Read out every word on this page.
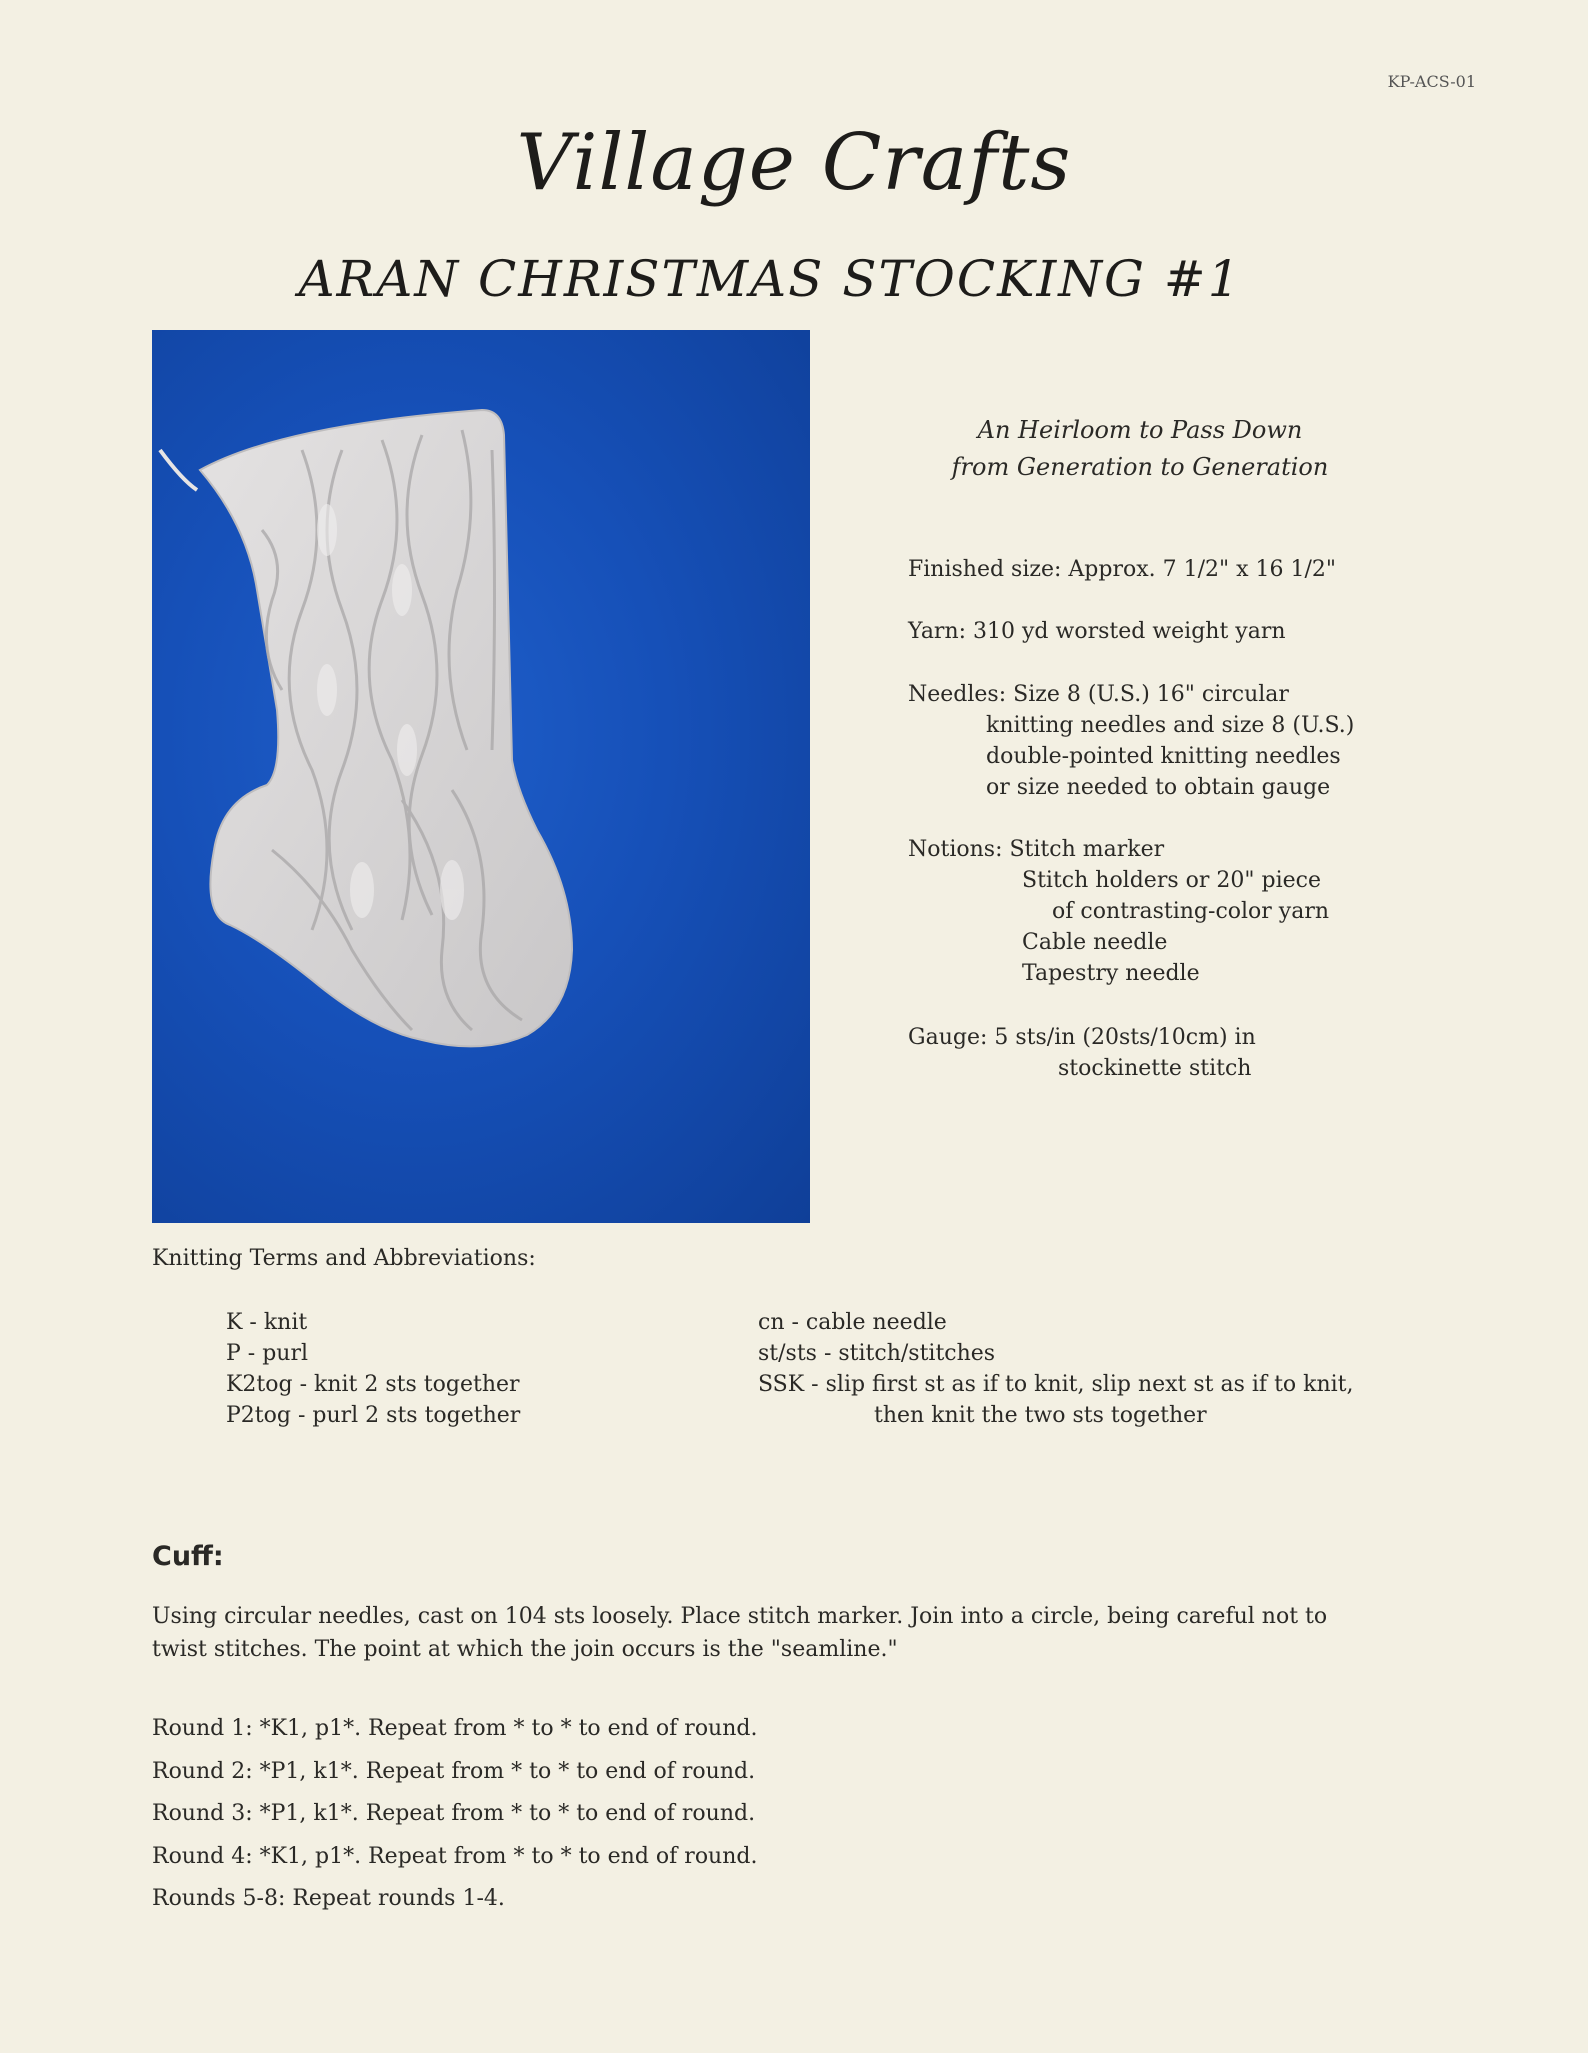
KP-ACS-01
Village Crafts
ARAN CHRISTMAS STOCKING #1
An Heirloom to Pass Down
from Generation to Generation
Finished size: Approx. 7 1/2" x 16 1/2"
Yarn: 310 yd worsted weight yarn
Needles: Size 8 (U.S.) 16" circular
knitting needles and size 8 (U.S.)
double-pointed knitting needles
or size needed to obtain gauge
Notions: Stitch marker
Stitch holders or 20" piece
of contrasting-color yarn
Cable needle
Tapestry needle
Gauge: 5 sts/in (20sts/10cm) in
stockinette stitch
Knitting Terms and Abbreviations:
K - knit
P - purl
K2tog - knit 2 sts together
P2tog - purl 2 sts together
cn - cable needle
st/sts - stitch/stitches
SSK - slip first st as if to knit, slip next st as if to knit,
then knit the two sts together
Cuff:
Using circular needles, cast on 104 sts loosely. Place stitch marker. Join into a circle, being careful not to
twist stitches. The point at which the join occurs is the "seamline."
Round 1: *K1, p1*. Repeat from * to * to end of round.
Round 2: *P1, k1*. Repeat from * to * to end of round.
Round 3: *P1, k1*. Repeat from * to * to end of round.
Round 4: *K1, p1*. Repeat from * to * to end of round.
Rounds 5-8: Repeat rounds 1-4.
